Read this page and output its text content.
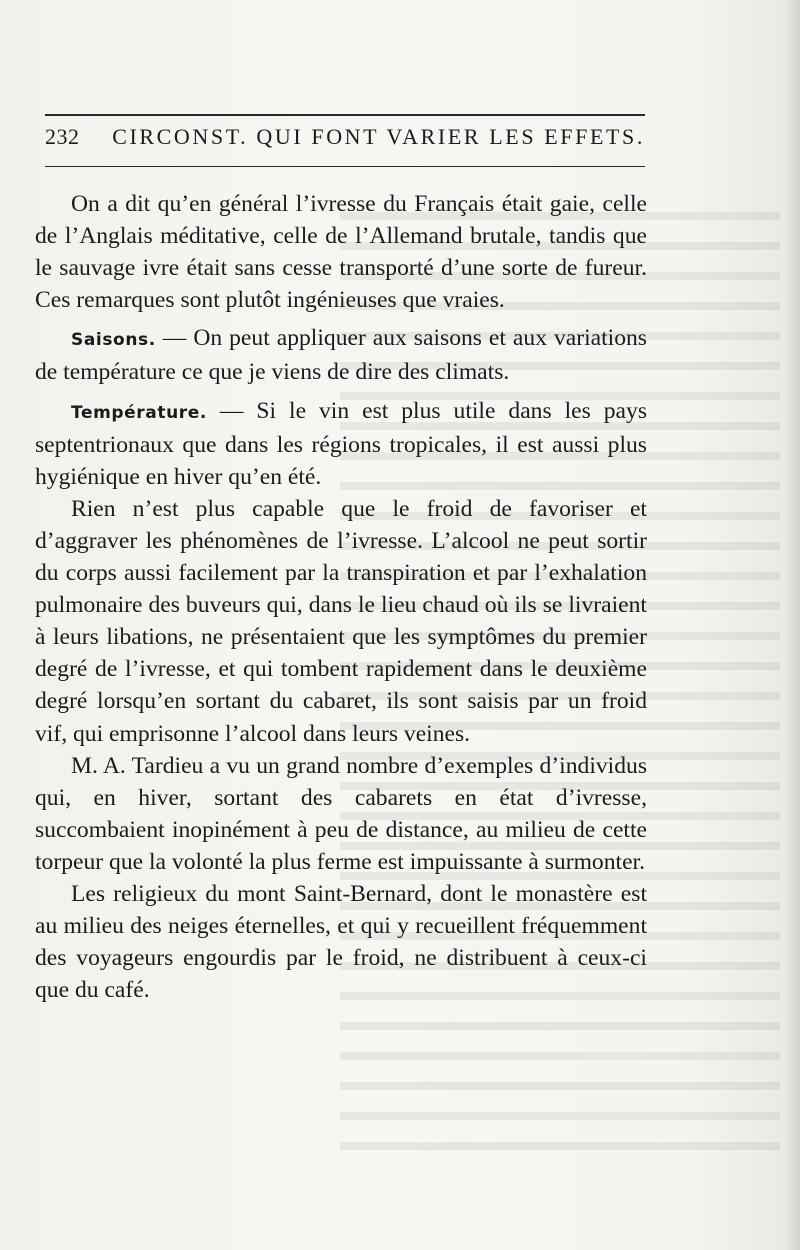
232 CIRCONST. QUI FONT VARIER LES EFFETS.

On a dit qu’en général l’ivresse du Français était gaie, celle de l’Anglais méditative, celle de l’Allemand brutale, tandis que le sauvage ivre était sans cesse transporté d’une sorte de fureur. Ces remarques sont plutôt ingénieuses que vraies.

Saisons. — On peut appliquer aux saisons et aux variations de température ce que je viens de dire des climats.

Température. — Si le vin est plus utile dans les pays septentrionaux que dans les régions tropicales, il est aussi plus hygiénique en hiver qu’en été.

Rien n’est plus capable que le froid de favoriser et d’aggraver les phénomènes de l’ivresse. L’alcool ne peut sortir du corps aussi facilement par la transpiration et par l’exhalation pulmonaire des buveurs qui, dans le lieu chaud où ils se livraient à leurs libations, ne présentaient que les symptômes du premier degré de l’ivresse, et qui tombent rapidement dans le deuxième degré lorsqu’en sortant du cabaret, ils sont saisis par un froid vif, qui emprisonne l’alcool dans leurs veines.

M. A. Tardieu a vu un grand nombre d’exemples d’individus qui, en hiver, sortant des cabarets en état d’ivresse, succombaient inopinément à peu de distance, au milieu de cette torpeur que la volonté la plus ferme est impuissante à surmonter.

Les religieux du mont Saint-Bernard, dont le monastère est au milieu des neiges éternelles, et qui y recueillent fréquemment des voyageurs engourdis par le froid, ne distribuent à ceux-ci que du café.
